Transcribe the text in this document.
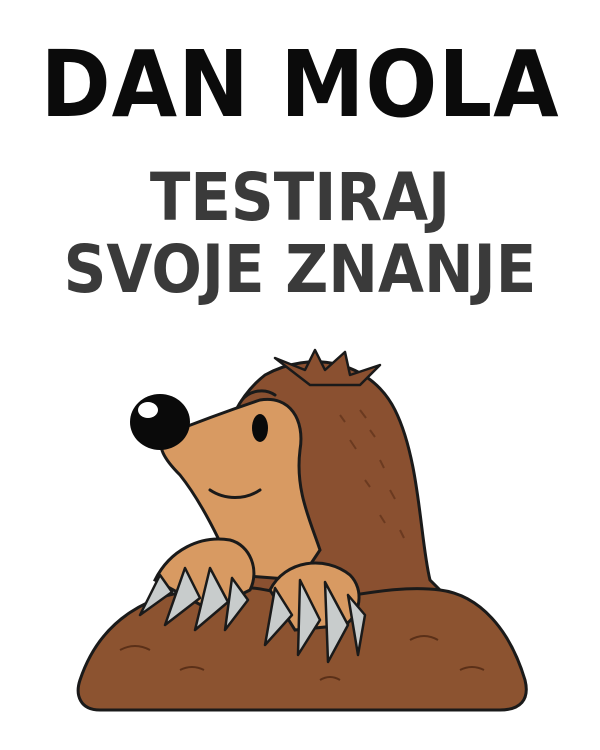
DAN MOLA
TESTIRAJ
SVOJE ZNANJE
